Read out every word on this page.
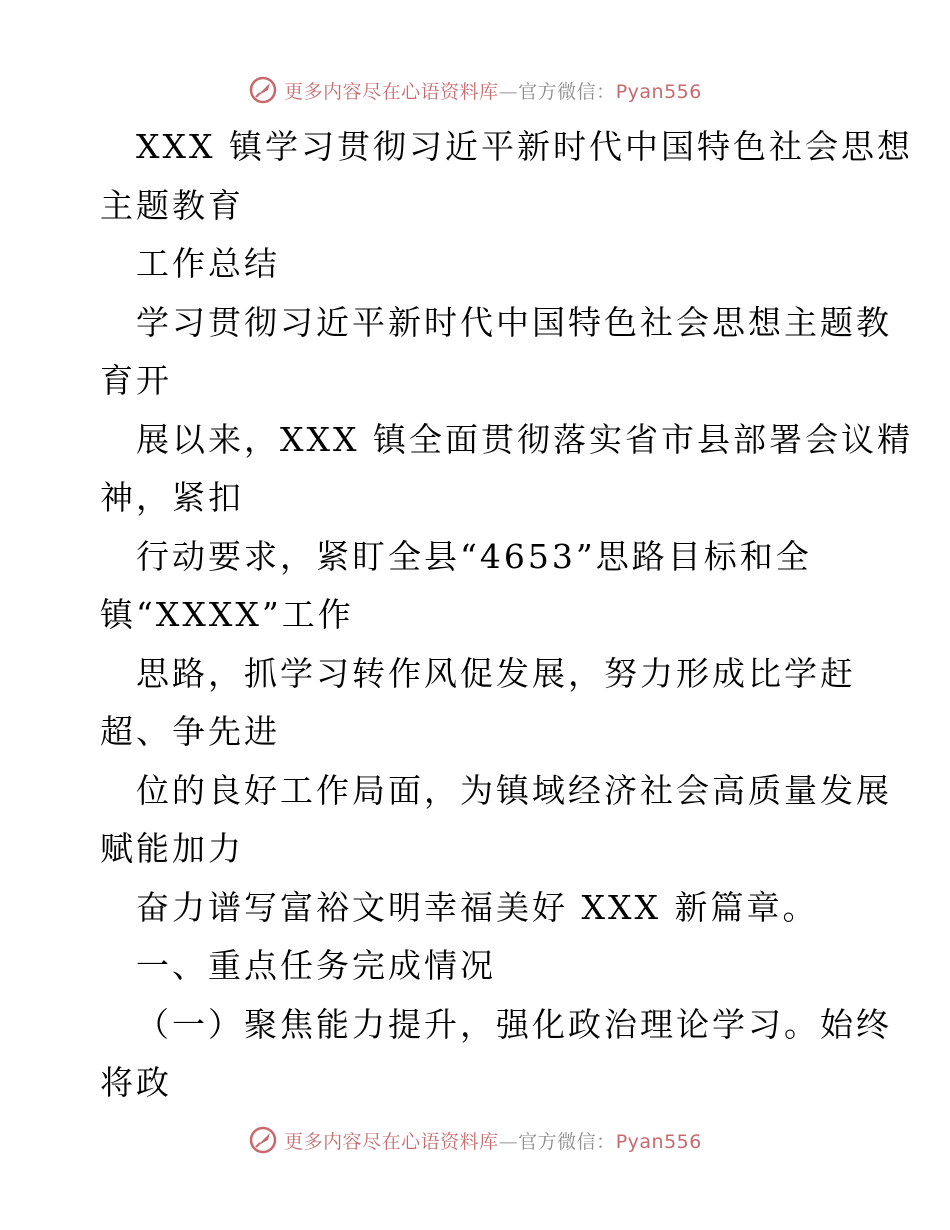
更多内容尽在心语资料库—官方微信：Pyan556
XXX 镇学习贯彻习近平新时代中国特色社会思想
主题教育
工作总结
学习贯彻习近平新时代中国特色社会思想主题教
育开
展以来，XXX 镇全面贯彻落实省市县部署会议精
神，紧扣
行动要求，紧盯全县“4653”思路目标和全
镇“XXXX”工作
思路，抓学习转作风促发展，努力形成比学赶
超、争先进
位的良好工作局面，为镇域经济社会高质量发展
赋能加力
奋力谱写富裕文明幸福美好 XXX 新篇章。
一、重点任务完成情况
（一）聚焦能力提升，强化政治理论学习。始终
将政
更多内容尽在心语资料库—官方微信：Pyan556
